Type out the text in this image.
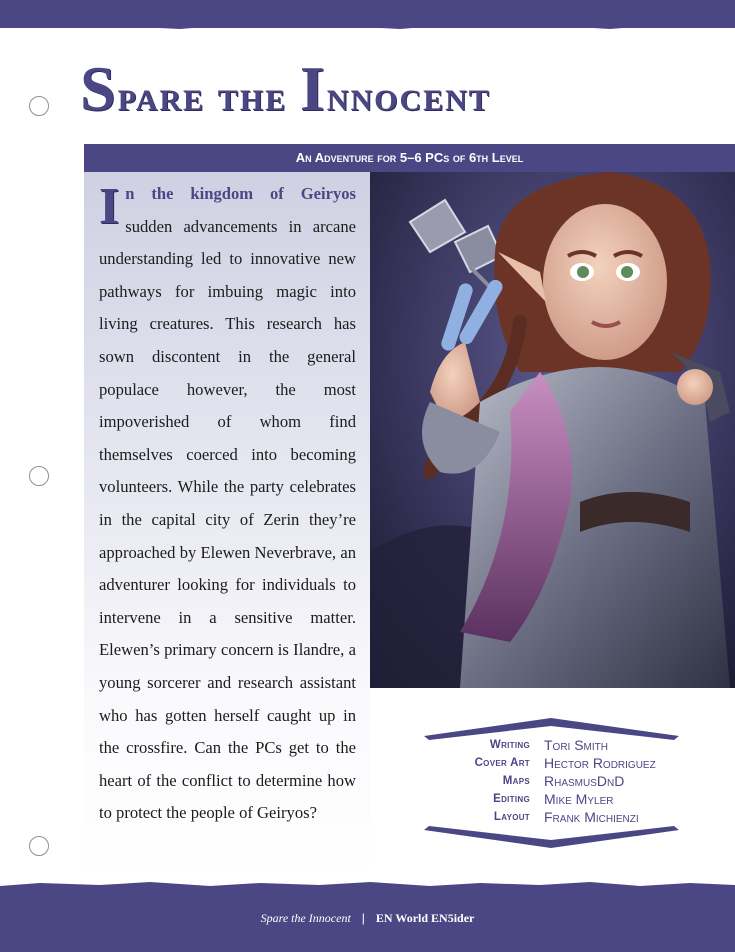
Spare the Innocent
An Adventure for 5–6 PCs of 6th Level

In the kingdom of Geiryos sudden advancements in arcane understanding led to innovative new pathways for imbuing magic into living creatures. This research has sown discontent in the general populace however, the most impoverished of whom find themselves coerced into becoming volunteers. While the party celebrates in the capital city of Zerin they’re approached by Elewen Neverbrave, an adventurer looking for individuals to intervene in a sensitive matter. Elewen’s primary concern is Ilandre, a young sorcerer and research assistant who has gotten herself caught up in the crossfire. Can the PCs get to the heart of the conflict to determine how to protect the people of Geiryos?

Writing Tori Smith
Cover Art Hector Rodriguez
Maps RhasmusDnD
Editing Mike Myler
Layout Frank Michienzi
Spare the Innocent | EN World EN5ider
